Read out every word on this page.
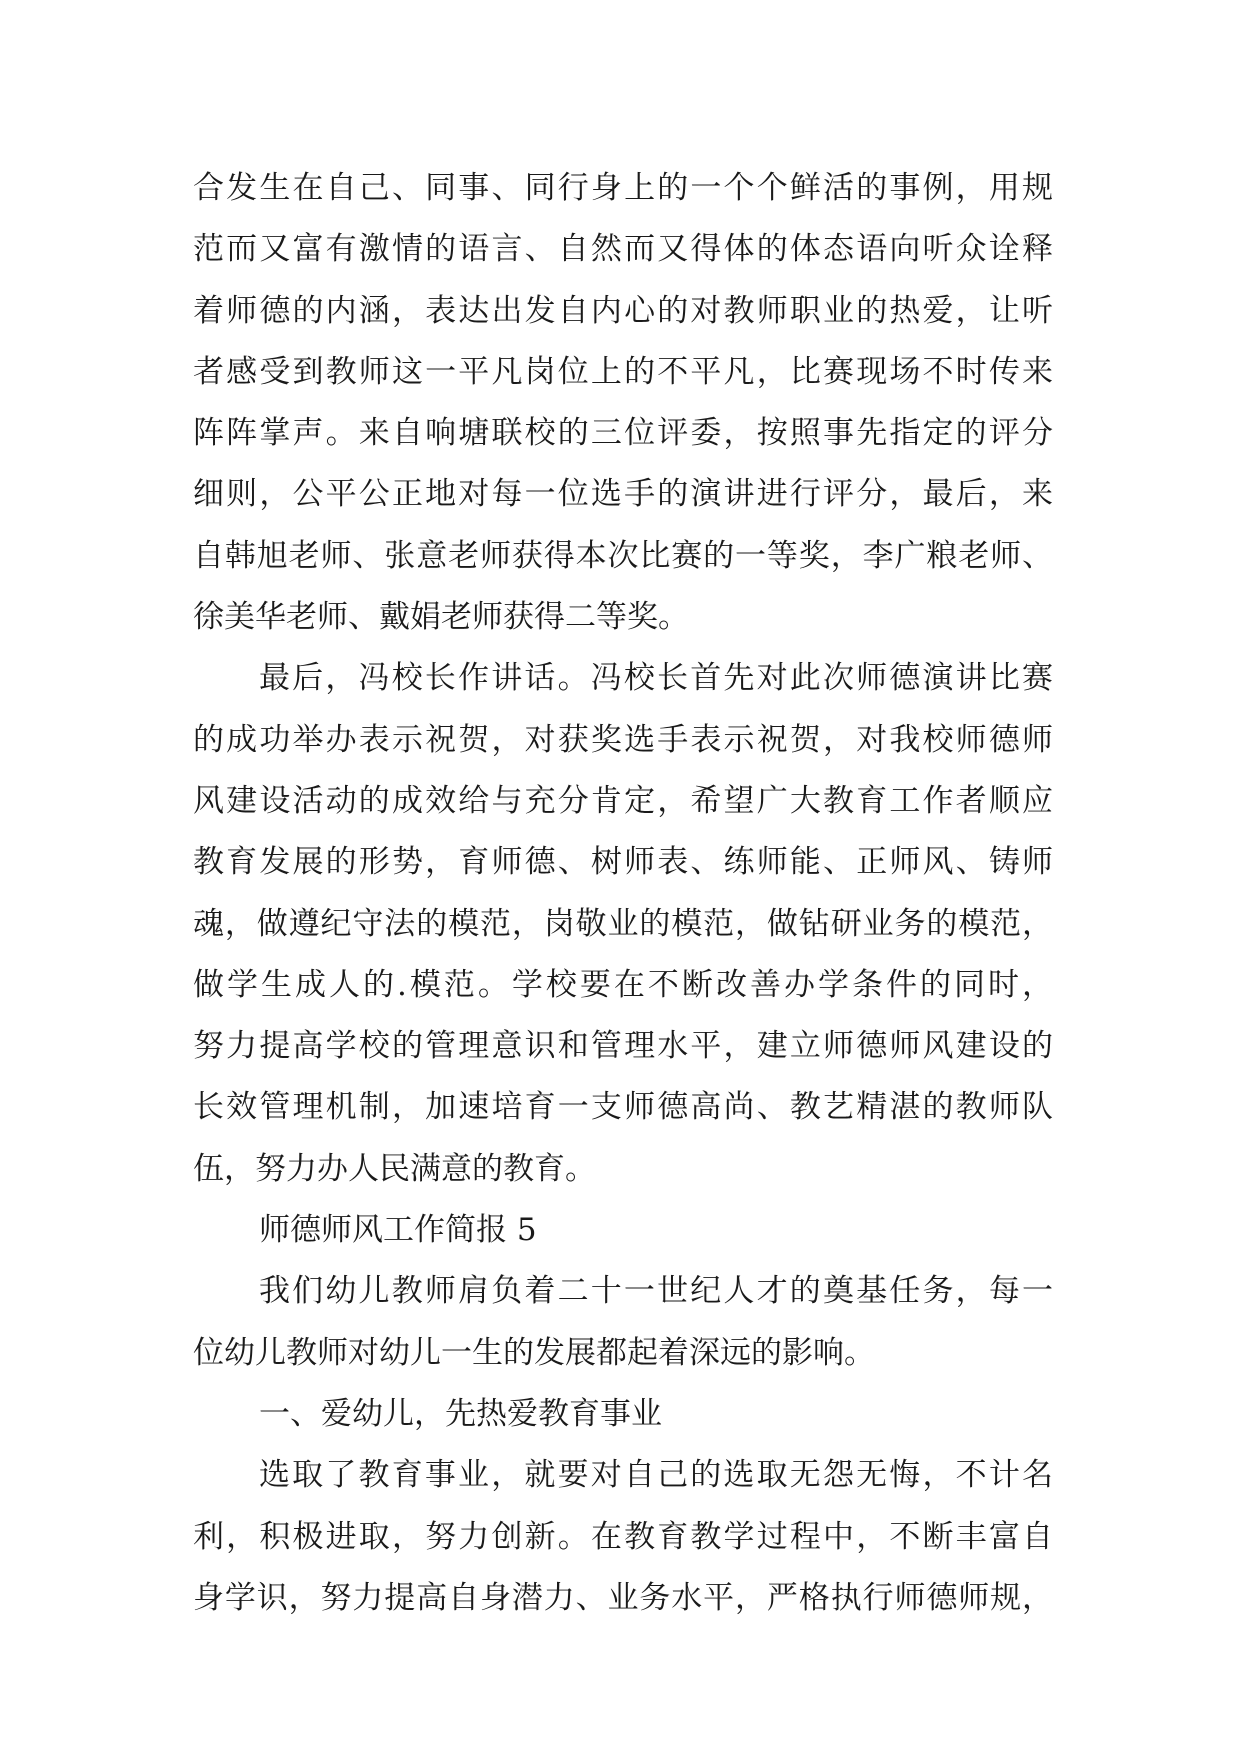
合发生在自己、同事、同行身上的一个个鲜活的事例，用规
范而又富有激情的语言、自然而又得体的体态语向听众诠释
着师德的内涵，表达出发自内心的对教师职业的热爱，让听
者感受到教师这一平凡岗位上的不平凡，比赛现场不时传来
阵阵掌声。来自响塘联校的三位评委，按照事先指定的评分
细则，公平公正地对每一位选手的演讲进行评分，最后，来
自韩旭老师、张意老师获得本次比赛的一等奖，李广粮老师、
徐美华老师、戴娟老师获得二等奖。
最后，冯校长作讲话。冯校长首先对此次师德演讲比赛
的成功举办表示祝贺，对获奖选手表示祝贺，对我校师德师
风建设活动的成效给与充分肯定，希望广大教育工作者顺应
教育发展的形势，育师德、树师表、练师能、正师风、铸师
魂，做遵纪守法的模范，岗敬业的模范，做钻研业务的模范，
做学生成人的.模范。学校要在不断改善办学条件的同时，
努力提高学校的管理意识和管理水平，建立师德师风建设的
长效管理机制，加速培育一支师德高尚、教艺精湛的教师队
伍，努力办人民满意的教育。
师德师风工作简报 5
我们幼儿教师肩负着二十一世纪人才的奠基任务，每一
位幼儿教师对幼儿一生的发展都起着深远的影响。
一、爱幼儿，先热爱教育事业
选取了教育事业，就要对自己的选取无怨无悔，不计名
利，积极进取，努力创新。在教育教学过程中，不断丰富自
身学识，努力提高自身潜力、业务水平，严格执行师德师规，
